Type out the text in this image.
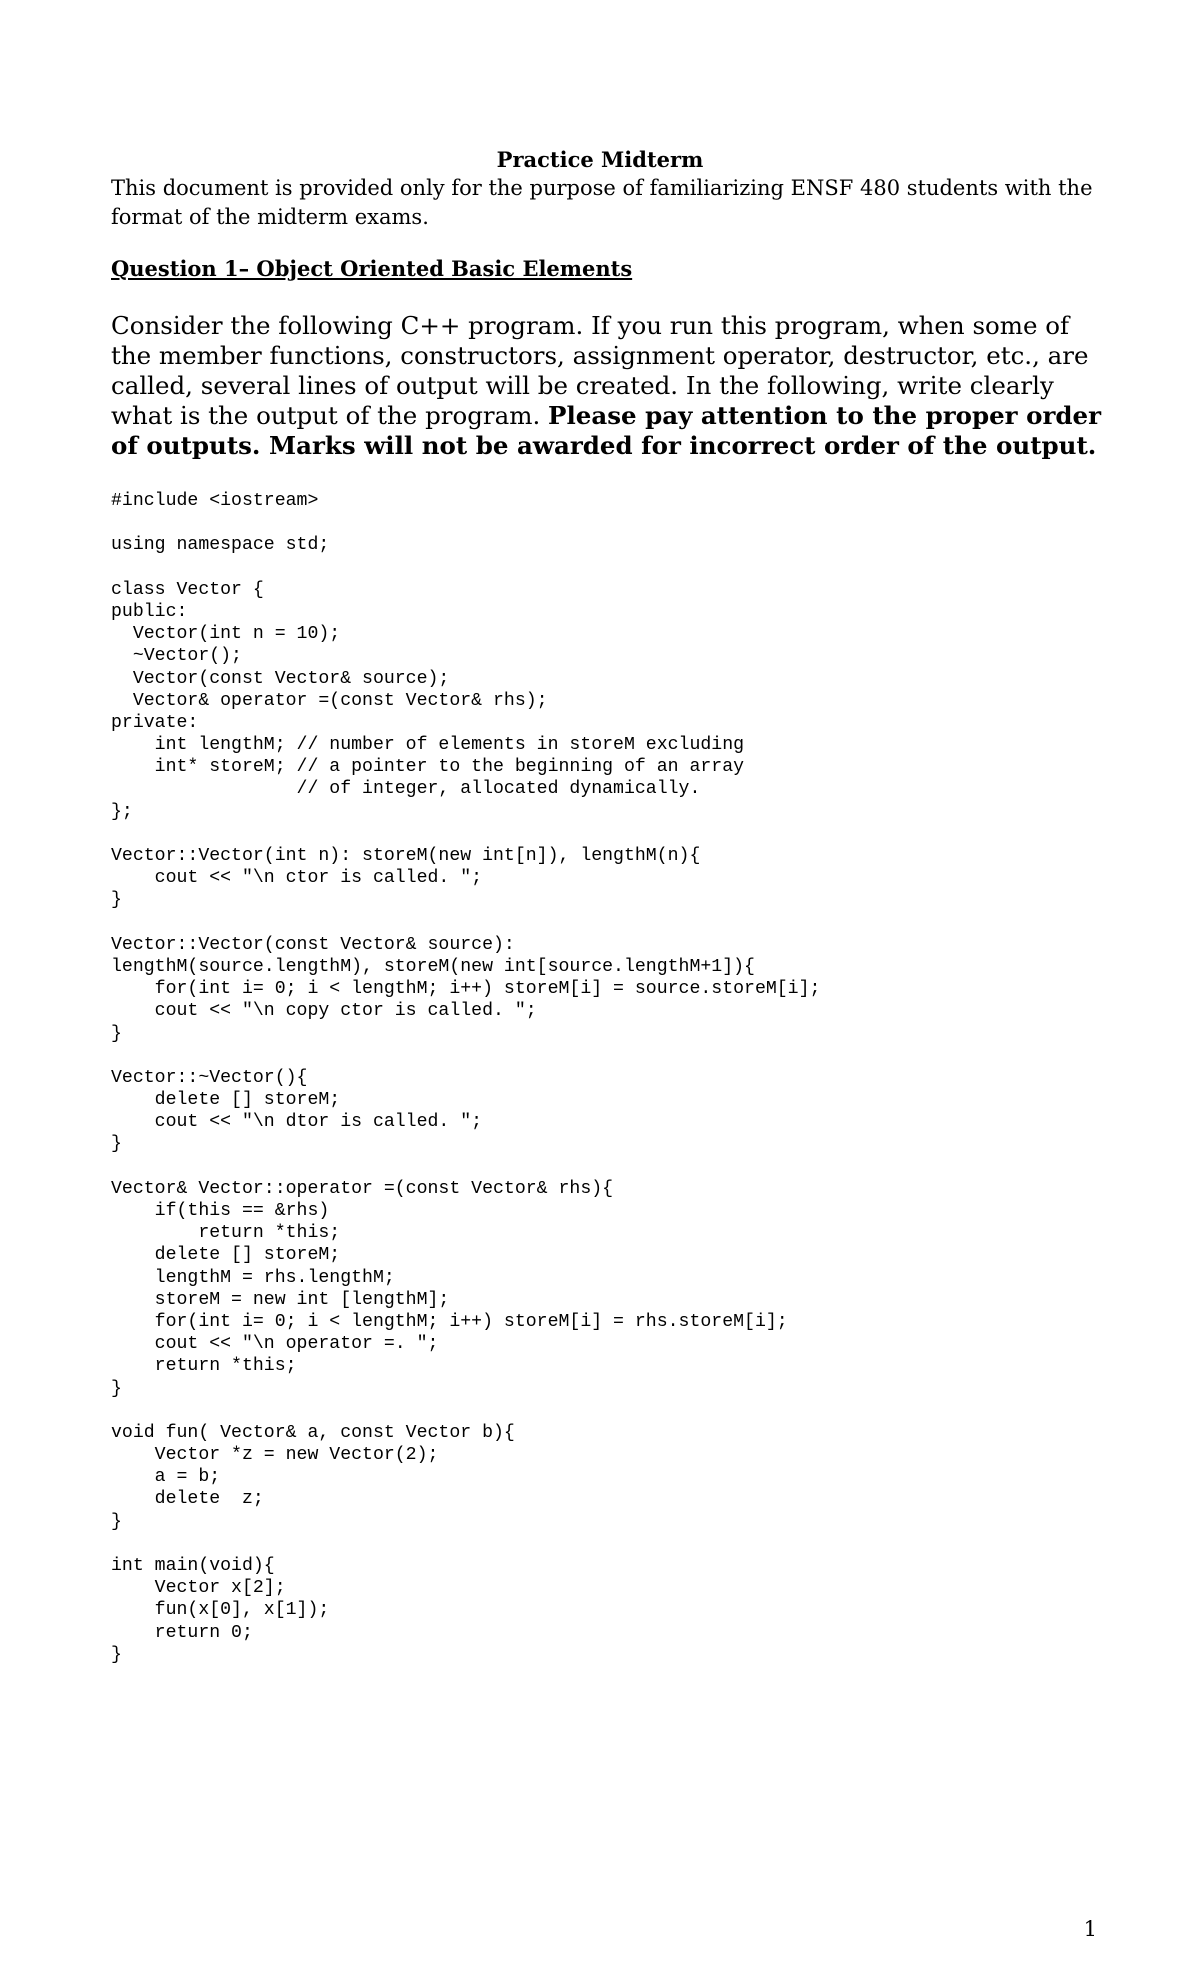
Practice Midterm

This document is provided only for the purpose of familiarizing ENSF 480 students with the format of the midterm exams.

Question 1– Object Oriented Basic Elements

Consider the following C++ program. If you run this program, when some of the member functions, constructors, assignment operator, destructor, etc., are called, several lines of output will be created. In the following, write clearly what is the output of the program. Please pay attention to the proper order of outputs. Marks will not be awarded for incorrect order of the output.

#include <iostream>
using namespace std;
class Vector {
public:
Vector(int n = 10);
~Vector();
Vector(const Vector& source);
Vector& operator =(const Vector& rhs);
private:
int lengthM; // number of elements in storeM excluding
int* storeM; // a pointer to the beginning of an array
// of integer, allocated dynamically.
};
Vector::Vector(int n): storeM(new int[n]), lengthM(n){
cout << "\n ctor is called. ";
}
Vector::Vector(const Vector& source):
lengthM(source.lengthM), storeM(new int[source.lengthM+1]){
for(int i= 0; i < lengthM; i++) storeM[i] = source.storeM[i];
cout << "\n copy ctor is called. ";
}
Vector::~Vector(){
delete [] storeM;
cout << "\n dtor is called. ";
}
Vector& Vector::operator =(const Vector& rhs){
if(this == &rhs)
return *this;
delete [] storeM;
lengthM = rhs.lengthM;
storeM = new int [lengthM];
for(int i= 0; i < lengthM; i++) storeM[i] = rhs.storeM[i];
cout << "\n operator =. ";
return *this;
}
void fun( Vector& a, const Vector b){
Vector *z = new Vector(2);
a = b;
delete  z;
}
int main(void){
Vector x[2];
fun(x[0], x[1]);
return 0;
}
1
